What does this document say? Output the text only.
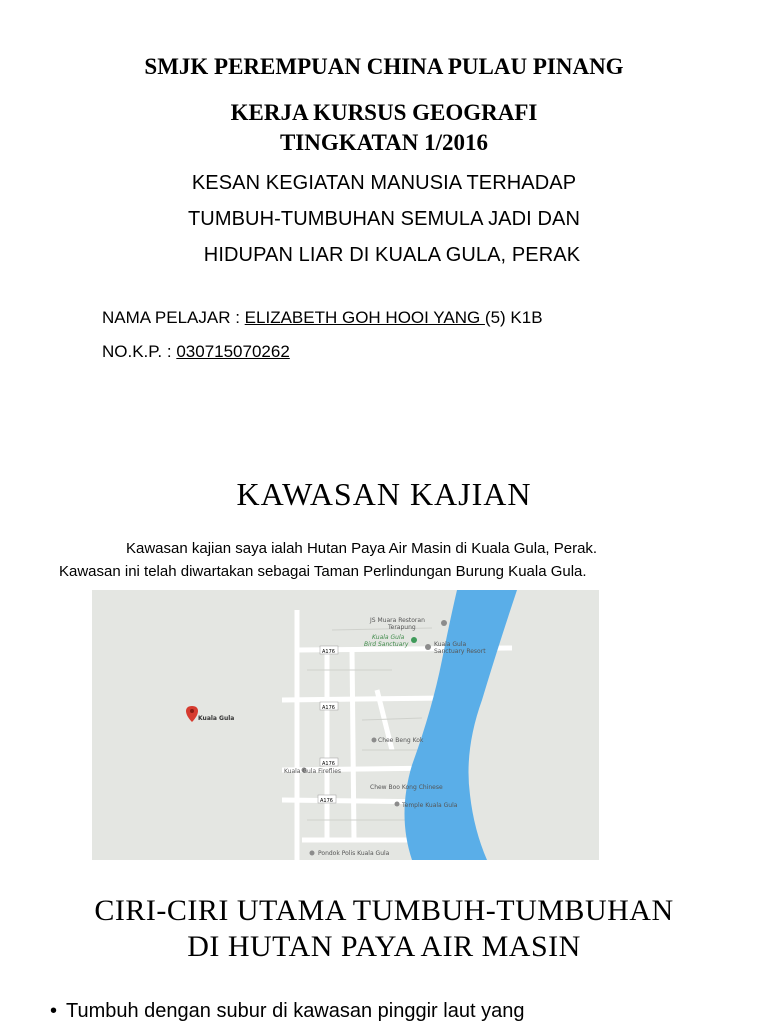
SMJK PEREMPUAN CHINA PULAU PINANG
KERJA KURSUS GEOGRAFI
TINGKATAN 1/2016
KESAN KEGIATAN MANUSIA TERHADAP
TUMBUH-TUMBUHAN SEMULA JADI DAN
HIDUPAN LIAR DI KUALA GULA, PERAK
NAMA PELAJAR : ELIZABETH GOH HOOI YANG (5) K1B
NO.K.P. : 030715070262
KAWASAN KAJIAN
Kawasan kajian saya ialah Hutan Paya Air Masin di Kuala Gula, Perak.
Kawasan ini telah diwartakan sebagai Taman Perlindungan Burung Kuala Gula.
A176
A176
A176
A176
JS Muara Restoran
Terapung
Kuala Gula
Bird Sanctuary	Kuala Gula
Sanctuary Resort
Kuala Gula
Chee Beng Kok
Kuala Gula Fireflies
Chew Boo Kong Chinese
Temple Kuala Gula
Pondok Polis Kuala Gula
CIRI-CIRI UTAMA TUMBUH-TUMBUHAN
DI HUTAN PAYA AIR MASIN
• Tumbuh dengan subur di kawasan pinggir laut yang
